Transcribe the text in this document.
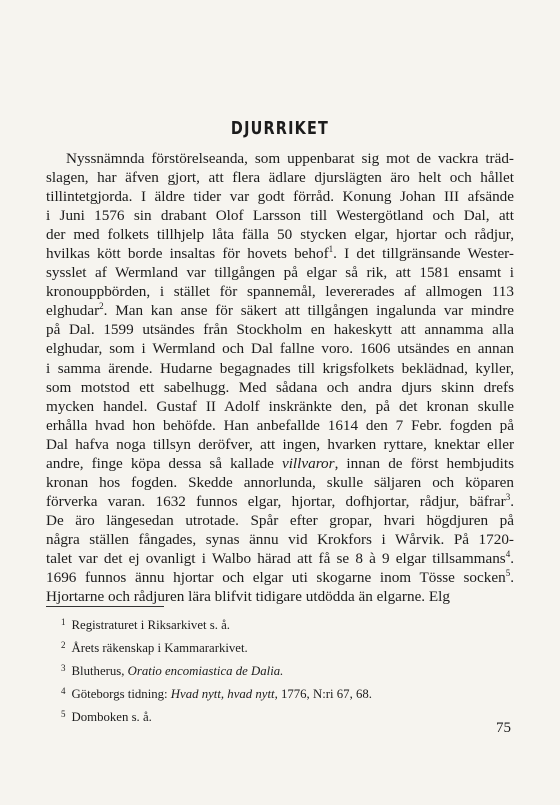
DJURRIKET
Nyssnämnda förstörelseanda, som uppenbarat sig mot de vackra träd-
slagen, har äfven gjort, att flera ädlare djurslägten äro helt och hållet
tillintetgjorda. I äldre tider var godt förråd. Konung Johan III afsände
i Juni 1576 sin drabant Olof Larsson till Westergötland och Dal, att
der med folkets tillhjelp låta fälla 50 stycken elgar, hjortar och rådjur,
hvilkas kött borde insaltas för hovets behof$^1$. I det tillgränsande Wester-
sysslet af Wermland var tillgången på elgar så rik, att 1581 ensamt i
kronouppbörden, i stället för spannemål, levererades af allmogen 113
elghudar$^2$. Man kan anse för säkert att tillgången ingalunda var mindre
på Dal. 1599 utsändes från Stockholm en hakeskytt att annamma alla
elghudar, som i Wermland och Dal fallne voro. 1606 utsändes en annan
i samma ärende. Hudarne begagnades till krigsfolkets beklädnad, kyller,
som motstod ett sabelhugg. Med sådana och andra djurs skinn drefs
mycken handel. Gustaf II Adolf inskränkte den, på det kronan skulle
erhålla hvad hon behöfde. Han anbefallde 1614 den 7 Febr. fogden på
Dal hafva noga tillsyn deröfver, att ingen, hvarken ryttare, knektar eller
andre, finge köpa dessa så kallade villvaror, innan de först hembjudits
kronan hos fogden. Skedde annorlunda, skulle säljaren och köparen
förverka varan. 1632 funnos elgar, hjortar, dofhjortar, rådjur, bäfrar$^3$.
De äro längesedan utrotade. Spår efter gropar, hvari högdjuren på
några ställen fångades, synas ännu vid Krokfors i Wårvik. På 1720-
talet var det ej ovanligt i Walbo härad att få se 8 à 9 elgar tillsammans$^4$.
1696 funnos ännu hjortar och elgar uti skogarne inom Tösse socken$^5$.
Hjortarne och rådjuren lära blifvit tidigare utdödda än elgarne. Elg
$^1$ Registraturet i Riksarkivet s. å.
$^2$ Årets räkenskap i Kammararkivet.
$^3$ Blutherus, Oratio encomiastica de Dalia.
$^4$ Göteborgs tidning: Hvad nytt, hvad nytt, 1776, N:ri 67, 68.
$^5$ Domboken s. å.
75
